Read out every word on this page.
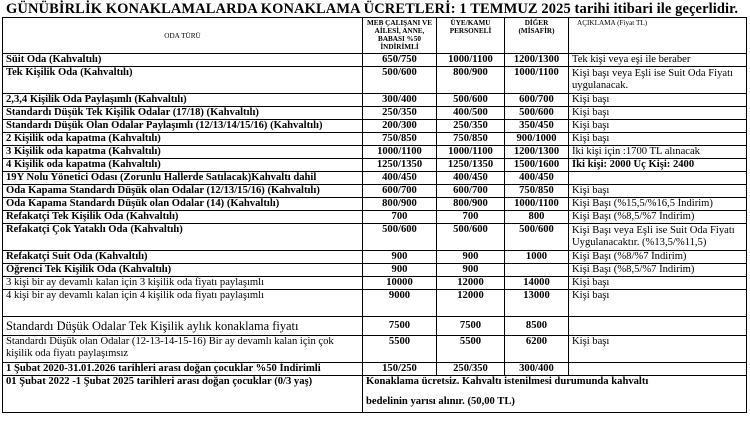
GÜNÜBİRLİK KONAKLAMALARDA KONAKLAMA ÜCRETLERİ: 1 TEMMUZ 2025 tarihi itibari ile geçerlidir.
ODA TÜRÜ	MEB ÇALIŞANI VE AİLESİ, ANNE, BABASI %50 İNDİRİMLİ	ÜYE/KAMU PERSONELİ	DİĞER (MİSAFİR)	AÇIKLAMA (Fiyat TL)
Süit Oda (Kahvaltılı)	650/750	1000/1100	1200/1300	Tek kişi veya eşi ile beraber
Tek Kişilik Oda (Kahvaltılı)	500/600	800/900	1000/1100	Kişi başı veya Eşli ise Suit Oda Fiyatı uygulanacak.
2,3,4 Kişilik Oda Paylaşımlı (Kahvaltılı)	300/400	500/600	600/700	Kişi başı
Standardı Düşük Tek Kişilik Odalar (17/18) (Kahvaltılı)	250/350	400/500	500/600	Kişi başı
Standardı Düşük Olan Odalar Paylaşımlı (12/13/14/15/16) (Kahvaltılı)	200/300	250/350	350/450	Kişi başı
2 Kişilik oda kapatma (Kahvaltılı)	750/850	750/850	900/1000	Kişi başı
3 Kişilik oda kapatma (Kahvaltılı)	1000/1100	1000/1100	1200/1300	İki kişi için :1700 TL alınacak
4 Kişilik oda kapatma (Kahvaltılı)	1250/1350	1250/1350	1500/1600	İki kişi: 2000 Üç Kişi: 2400
19Y Nolu Yönetici Odası (Zorunlu Hallerde Satılacak)Kahvaltı dahil	400/450	400/450	400/450	
Oda Kapama Standardı Düşük olan Odalar (12/13/15/16) (Kahvaltılı)	600/700	600/700	750/850	Kişi başı
Oda Kapama Standardı Düşük olan Odalar (14) (Kahvaltılı)	800/900	800/900	1000/1100	Kişi Başı (%15,5/%16,5 İndirim)
Refakatçi Tek Kişilik Oda (Kahvaltılı)	700	700	800	Kişi Başı (%8,5/%7 İndirim)
Refakatçi Çok Yataklı Oda (Kahvaltılı)	500/600	500/600	500/600	Kişi Başı veya Eşli ise Suit Oda Fiyatı Uygulanacaktır. (%13,5/%11,5)
Refakatçi Suit Oda (Kahvaltılı)	900	900	1000	Kişi Başı (%8/%7 İndirim)
Öğrenci Tek Kişilik Oda (Kahvaltılı)	900	900		Kişi Başı (%8,5/%7 İndirim)
3 kişi bir ay devamlı kalan için 3 kişilik oda fiyatı paylaşımlı	10000	12000	14000	Kişi başı
4 kişi bir ay devamlı kalan için 4 kişilik oda fiyatı paylaşımlı	9000	12000	13000	Kişi başı
Standardı Düşük Odalar Tek Kişilik aylık konaklama fiyatı	7500	7500	8500	
Standardı Düşük olan Odalar (12-13-14-15-16) Bir ay devamlı kalan için çok kişilik oda fiyatı paylaşımsız	5500	5500	6200	Kişi başı
1 Şubat 2020-31.01.2026 tarihleri arası doğan çocuklar %50 İndirimli	150/250	250/350	300/400	
01 Şubat 2022 -1 Şubat 2025 tarihleri arası doğan çocuklar (0/3 yaş)	Konaklama ücretsiz. Kahvaltı istenilmesi durumunda kahvaltı
bedelinin yarısı alınır. (50,00 TL)			
